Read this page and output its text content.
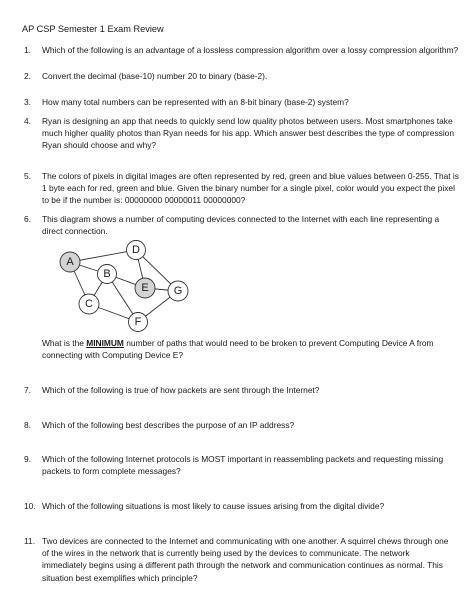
AP CSP Semester 1 Exam Review
1. Which of the following is an advantage of a lossless compression algorithm over a lossy compression algorithm?
2. Convert the decimal (base-10) number 20 to binary (base-2).
3. How many total numbers can be represented with an 8-bit binary (base-2) system?
4. Ryan is designing an app that needs to quickly send low quality photos between users. Most smartphones take
much higher quality photos than Ryan needs for his app. Which answer best describes the type of compression
Ryan should choose and why?
5. The colors of pixels in digital images are often represented by red, green and blue values between 0-255. That is
1 byte each for red, green and blue. Given the binary number for a single pixel, color would you expect the pixel
to be if the number is: 00000000 00000011 00000000?
6. This diagram shows a number of computing devices connected to the Internet with each line representing a
direct connection.
A
B
C
D
E
F
G
What is the MINIMUM number of paths that would need to be broken to prevent Computing Device A from
connecting with Computing Device E?
7. Which of the following is true of how packets are sent through the Internet?
8. Which of the following best describes the purpose of an IP address?
9. Which of the following Internet protocols is MOST important in reassembling packets and requesting missing
packets to form complete messages?
10. Which of the following situations is most likely to cause issues arising from the digital divide?
11. Two devices are connected to the Internet and communicating with one another. A squirrel chews through one
of the wires in the network that is currently being used by the devices to communicate. The network
immediately begins using a different path through the network and communication continues as normal. This
situation best exemplifies which principle?
